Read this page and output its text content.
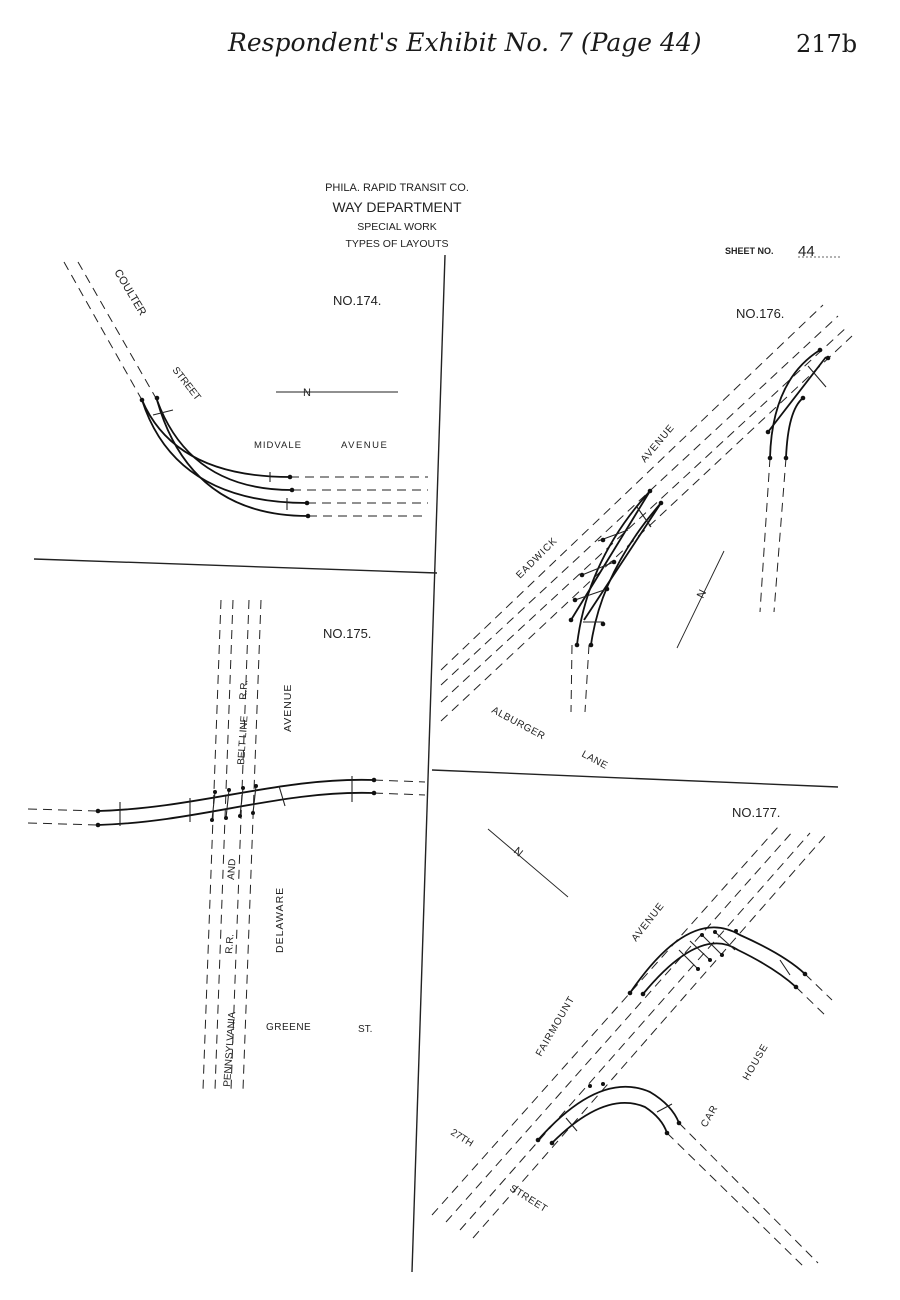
Respondent's Exhibit No. 7 (Page 44)	217b
PHILA. RAPID TRANSIT CO.
WAY DEPARTMENT
SPECIAL WORK
TYPES OF LAYOUTS
SHEET NO. 44
NO.174.
N
COULTER
STREET
MIDVALE	AVENUE
NO.175.
AVENUE
DELAWARE
GREENE	ST.
PENNSYLVANIA
R.R.
AND
BELT LINE
R.R.
NO.176.
N
AVENUE
EADWICK
ALBURGER
LANE
NO.177.
N
AVENUE
FAIRMOUNT
CAR
HOUSE
STREET
27TH
